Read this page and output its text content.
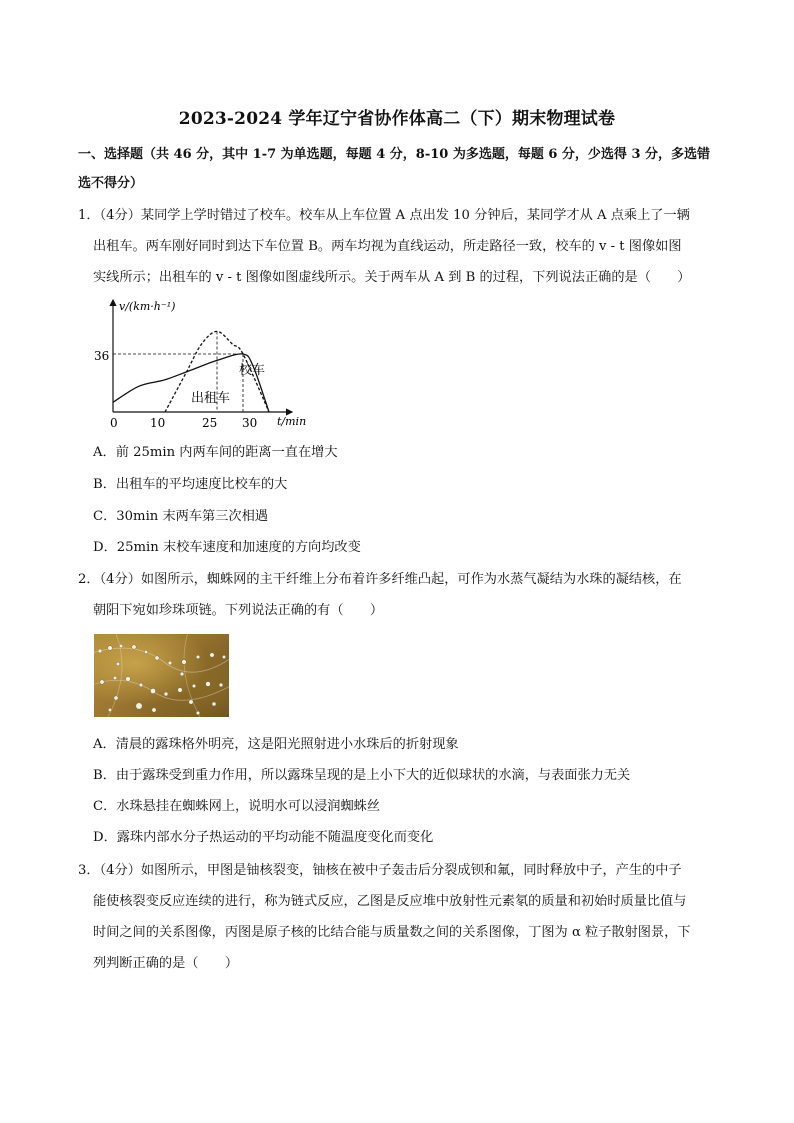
2023-2024 学年辽宁省协作体高二（下）期末物理试卷
一、选择题（共 46 分，其中 1-7 为单选题，每题 4 分，8-10 为多选题，每题 6 分，少选得 3 分，多选错
选不得分）
1．（4分）某同学上学时错过了校车。校车从上车位置 A 点出发 10 分钟后，某同学才从 A 点乘上了一辆
出租车。两车刚好同时到达下车位置 B。两车均视为直线运动，所走路径一致，校车的 v - t 图像如图
实线所示；出租车的 v - t 图像如图虚线所示。关于两车从 A 到 B 的过程，下列说法正确的是（　　）
v/(km·h⁻¹)
t/min
36
0	10	25 30
校车
出租车
A．前 25min 内两车间的距离一直在增大
B．出租车的平均速度比校车的大
C．30min 末两车第三次相遇
D．25min 末校车速度和加速度的方向均改变
2．（4分）如图所示，蜘蛛网的主干纤维上分布着许多纤维凸起，可作为水蒸气凝结为水珠的凝结核，在
朝阳下宛如珍珠项链。下列说法正确的有（　　）
A．清晨的露珠格外明亮，这是阳光照射进小水珠后的折射现象
B．由于露珠受到重力作用，所以露珠呈现的是上小下大的近似球状的水滴，与表面张力无关
C．水珠悬挂在蜘蛛网上，说明水可以浸润蜘蛛丝
D．露珠内部水分子热运动的平均动能不随温度变化而变化
3．（4分）如图所示，甲图是铀核裂变，铀核在被中子轰击后分裂成钡和氟，同时释放中子，产生的中子
能使核裂变反应连续的进行，称为链式反应，乙图是反应堆中放射性元素氡的质量和初始时质量比值与
时间之间的关系图像，丙图是原子核的比结合能与质量数之间的关系图像，丁图为 α 粒子散射图景，下
列判断正确的是（　　）
